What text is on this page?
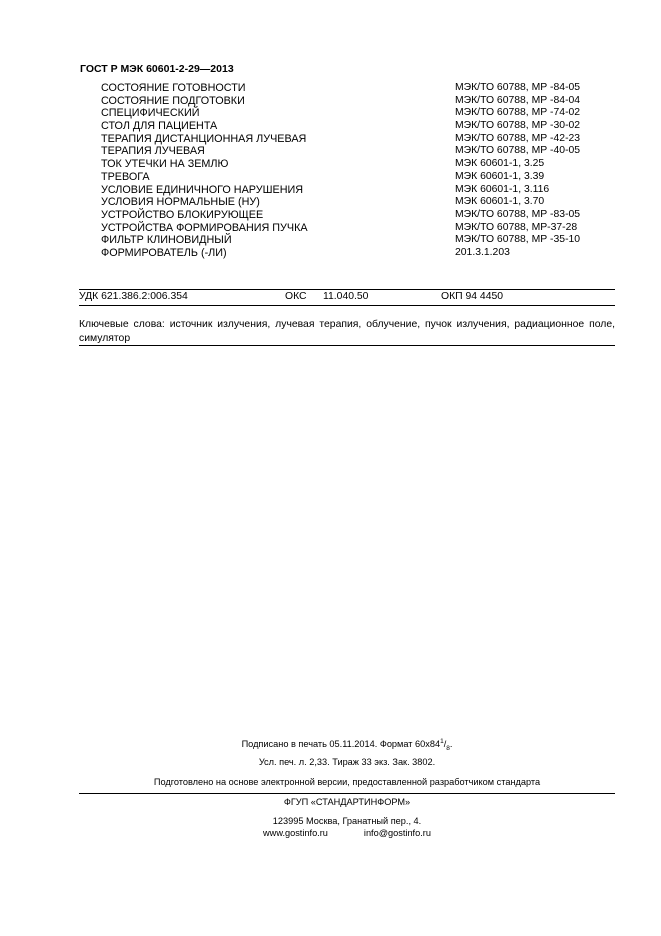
ГОСТ Р МЭК 60601-2-29—2013
СОСТОЯНИЕ ГОТОВНОСТИ	МЭК/ТО 60788, МР -84-05
СОСТОЯНИЕ ПОДГОТОВКИ	МЭК/ТО 60788, МР -84-04
СПЕЦИФИЧЕСКИЙ	МЭК/ТО 60788, МР -74-02
СТОЛ ДЛЯ ПАЦИЕНТА	МЭК/ТО 60788, МР -30-02
ТЕРАПИЯ ДИСТАНЦИОННАЯ ЛУЧЕВАЯ	МЭК/ТО 60788, МР -42-23
ТЕРАПИЯ ЛУЧЕВАЯ	МЭК/ТО 60788, МР -40-05
ТОК УТЕЧКИ НА ЗЕМЛЮ	МЭК 60601-1, 3.25
ТРЕВОГА	МЭК 60601-1, 3.39
УСЛОВИЕ ЕДИНИЧНОГО НАРУШЕНИЯ	МЭК 60601-1, 3.116
УСЛОВИЯ НОРМАЛЬНЫЕ (НУ)	МЭК 60601-1, 3.70
УСТРОЙСТВО БЛОКИРУЮЩЕЕ	МЭК/ТО 60788, МР -83-05
УСТРОЙСТВА ФОРМИРОВАНИЯ ПУЧКА	МЭК/ТО 60788, МР-37-28
ФИЛЬТР КЛИНОВИДНЫЙ	МЭК/ТО 60788, МР -35-10
ФОРМИРОВАТЕЛЬ (-ЛИ)	201.3.1.203
УДК 621.386.2:006.354	ОКС 11.040.50	ОКП 94 4450
Ключевые слова: источник излучения, лучевая терапия, облучение, пучок излучения, радиационное поле, симулятор
Подписано в печать 05.11.2014. Формат $60x84^1/_8$.
Усл. печ. л. 2,33. Тираж 33 экз. Зак. 3802.
Подготовлено на основе электронной версии, предоставленной разработчиком стандарта
ФГУП «СТАНДАРТИНФОРМ»
123995 Москва, Гранатный пер., 4.
www.gostinfo.ru	info@gostinfo.ru
